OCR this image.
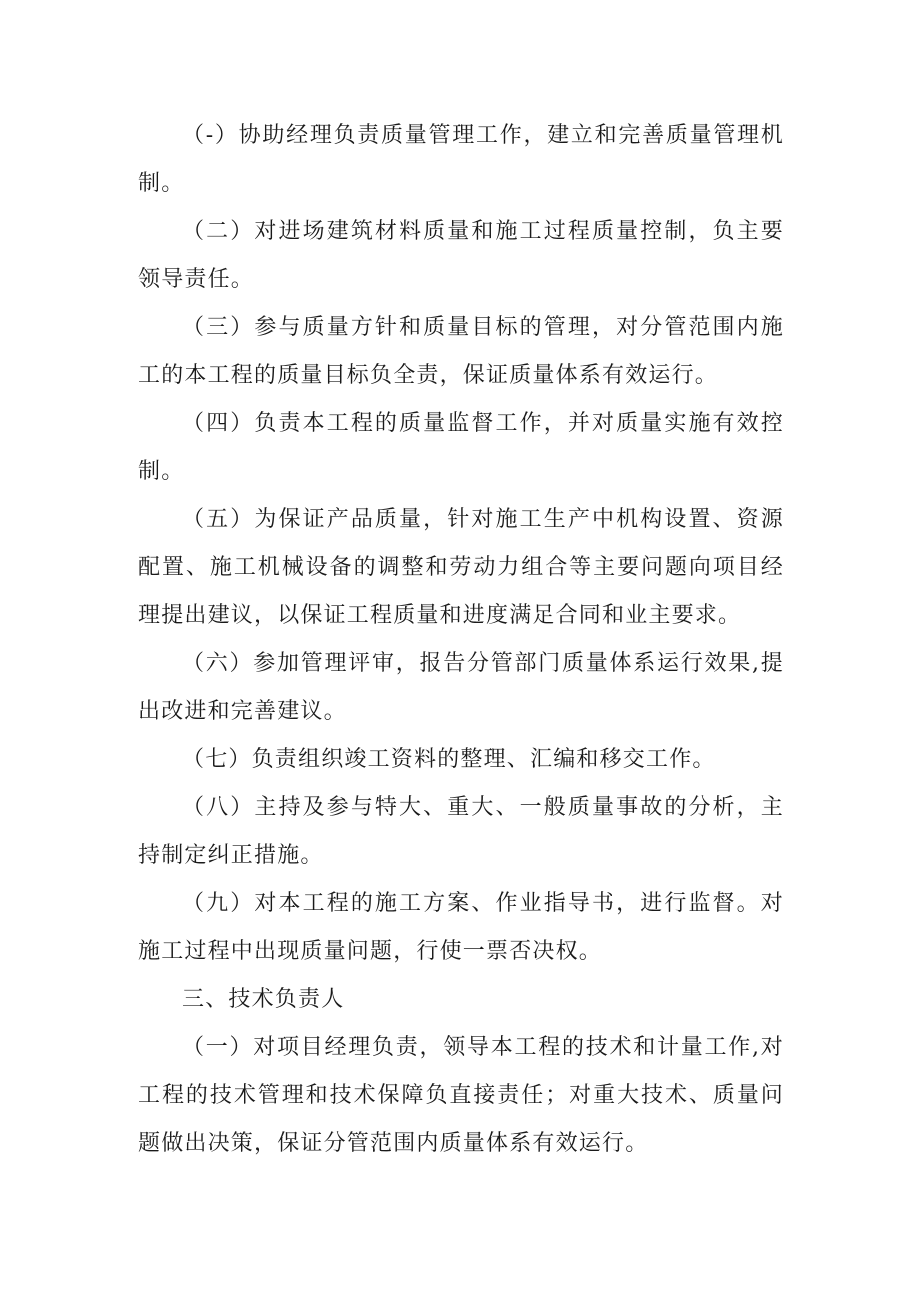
（-）协助经理负责质量管理工作，建立和完善质量管理机制。

（二）对进场建筑材料质量和施工过程质量控制，负主要领导责任。

（三）参与质量方针和质量目标的管理，对分管范围内施工的本工程的质量目标负全责，保证质量体系有效运行。

（四）负责本工程的质量监督工作，并对质量实施有效控制。

（五）为保证产品质量，针对施工生产中机构设置、资源配置、施工机械设备的调整和劳动力组合等主要问题向项目经理提出建议，以保证工程质量和进度满足合同和业主要求。

（六）参加管理评审，报告分管部门质量体系运行效果,提出改进和完善建议。

（七）负责组织竣工资料的整理、汇编和移交工作。

（八）主持及参与特大、重大、一般质量事故的分析，主持制定纠正措施。

（九）对本工程的施工方案、作业指导书，进行监督。对施工过程中出现质量问题，行使一票否决权。

三、技术负责人

（一）对项目经理负责，领导本工程的技术和计量工作,对工程的技术管理和技术保障负直接责任；对重大技术、质量问题做出决策，保证分管范围内质量体系有效运行。
